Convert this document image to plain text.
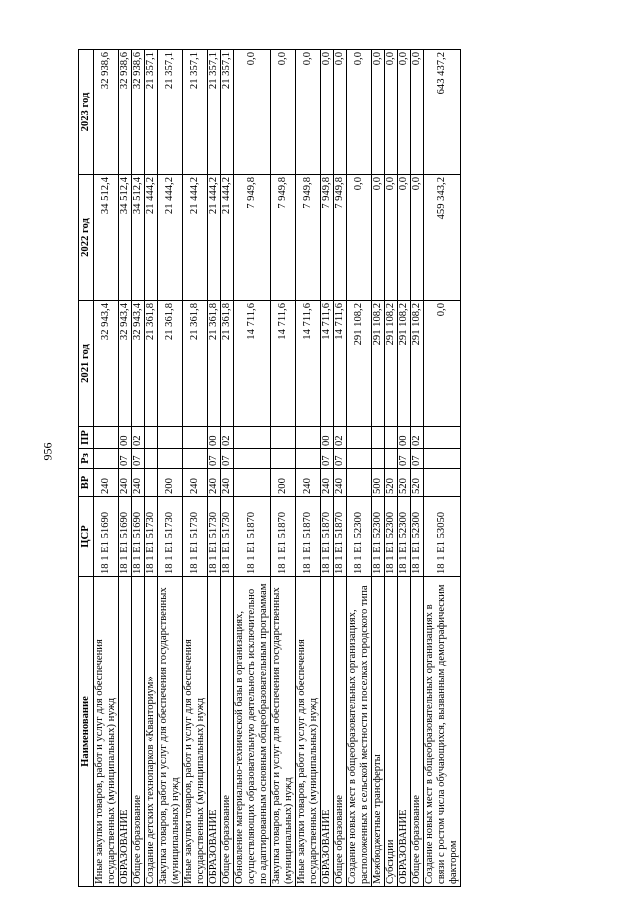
956
Наименование	ЦСР	ВР	Рз	ПР	2021 год	2022 год	2023 год
Иные закупки товаров, работ и услуг для обеспечения государственных (муниципальных) нужд	18 1 E1 51690	240			32 943,4	34 512,4	32 938,6
ОБРАЗОВАНИЕ	18 1 E1 51690	240	07	00	32 943,4	34 512,4	32 938,6
Общее образование	18 1 E1 51690	240	07	02	32 943,4	34 512,4	32 938,6
Создание детских технопарков «Кванториум»	18 1 E1 51730				21 361,8	21 444,2	21 357,1
Закупка товаров, работ и услуг для обеспечения государственных (муниципальных) нужд	18 1 E1 51730	200			21 361,8	21 444,2	21 357,1
Иные закупки товаров, работ и услуг для обеспечения государственных (муниципальных) нужд	18 1 E1 51730	240			21 361,8	21 444,2	21 357,1
ОБРАЗОВАНИЕ	18 1 E1 51730	240	07	00	21 361,8	21 444,2	21 357,1
Общее образование	18 1 E1 51730	240	07	02	21 361,8	21 444,2	21 357,1
Обновление материально-технической базы в организациях, осуществляющих образовательную деятельность исключительно по адаптированным основным общеобразовательным программам	18 1 E1 51870				14 711,6	7 949,8	0,0
Закупка товаров, работ и услуг для обеспечения государственных (муниципальных) нужд	18 1 E1 51870	200			14 711,6	7 949,8	0,0
Иные закупки товаров, работ и услуг для обеспечения государственных (муниципальных) нужд	18 1 E1 51870	240			14 711,6	7 949,8	0,0
ОБРАЗОВАНИЕ	18 1 E1 51870	240	07	00	14 711,6	7 949,8	0,0
Общее образование	18 1 E1 51870	240	07	02	14 711,6	7 949,8	0,0
Создание новых мест в общеобразовательных организациях, расположенных в сельской местности и поселках городского типа	18 1 E1 52300				291 108,2	0,0	0,0
Межбюджетные трансферты	18 1 E1 52300	500			291 108,2	0,0	0,0
Субсидии	18 1 E1 52300	520			291 108,2	0,0	0,0
ОБРАЗОВАНИЕ	18 1 E1 52300	520	07	00	291 108,2	0,0	0,0
Общее образование	18 1 E1 52300	520	07	02	291 108,2	0,0	0,0
Создание новых мест в общеобразовательных организациях в связи с ростом числа обучающихся, вызванным демографическим фактором	18 1 E1 53050				0,0	459 343,2	643 437,2
